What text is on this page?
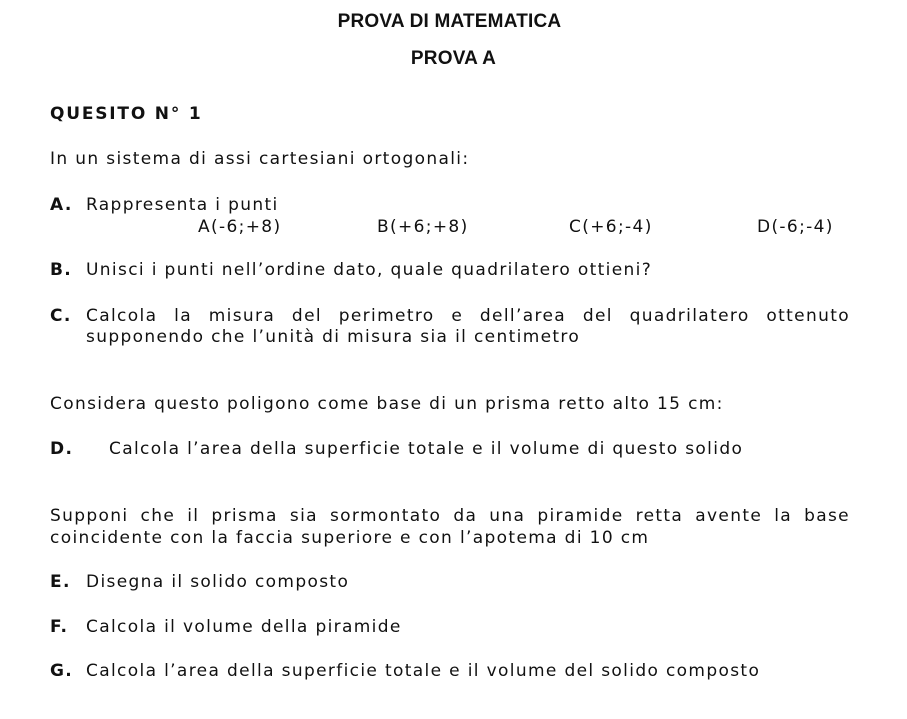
PROVA DI MATEMATICA
PROVA A
QUESITO N° 1
In un sistema di assi cartesiani ortogonali:
A. Rappresenta i punti
A(-6;+8)	B(+6;+8)	C(+6;-4)	D(-6;-4)
B. Unisci i punti nell’ordine dato, quale quadrilatero ottieni?
C. Calcola la misura del perimetro e dell’area del quadrilatero ottenuto
supponendo che l’unità di misura sia il centimetro
Considera questo poligono come base di un prisma retto alto 15 cm:
D. Calcola l’area della superficie totale e il volume di questo solido
Supponi che il prisma sia sormontato da una piramide retta avente la base
coincidente con la faccia superiore e con l’apotema di 10 cm
E. Disegna il solido composto
F. Calcola il volume della piramide
G. Calcola l’area della superficie totale e il volume del solido composto
